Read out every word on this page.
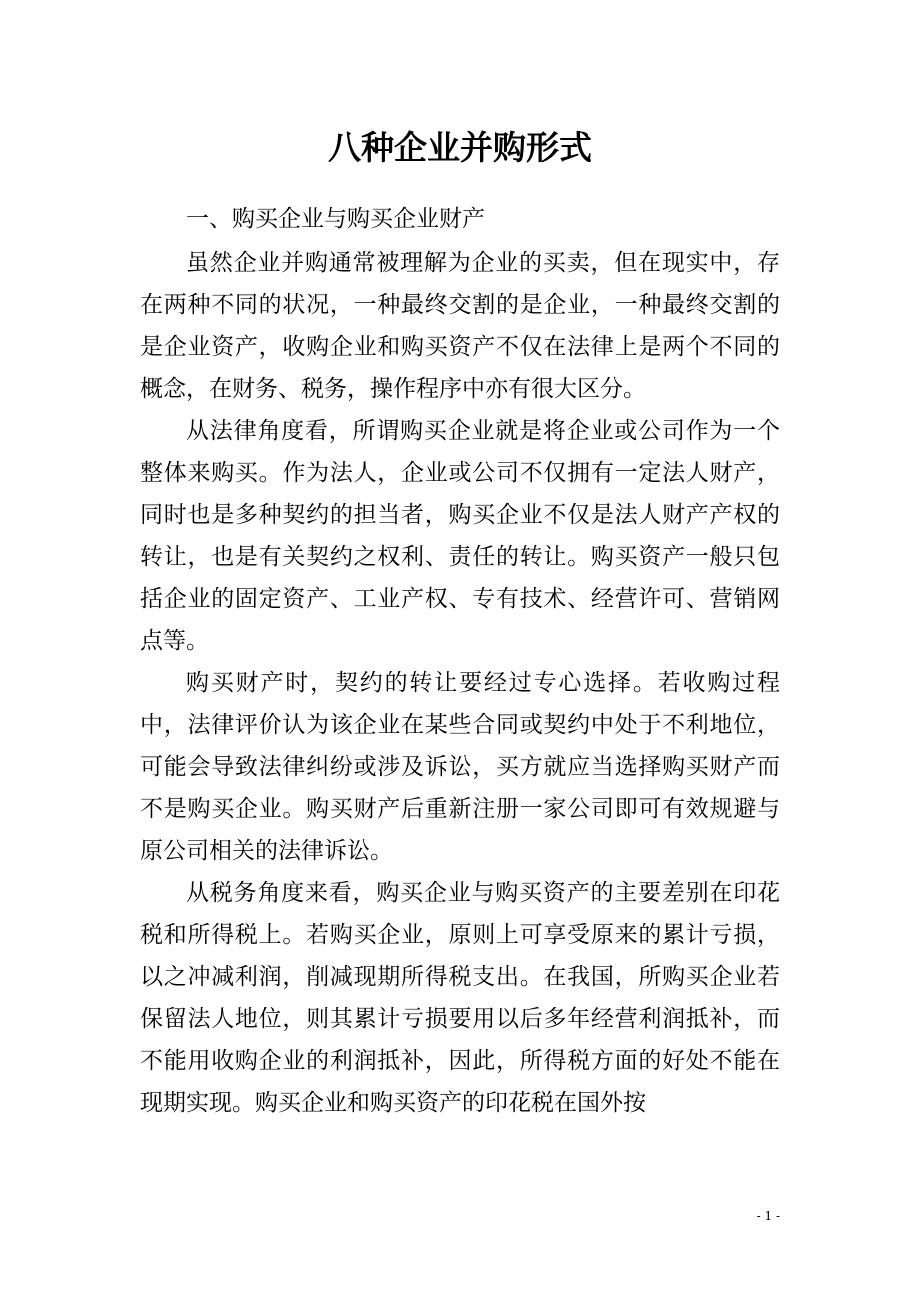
八种企业并购形式

一、购买企业与购买企业财产

虽然企业并购通常被理解为企业的买卖，但在现实中，存在两种不同的状况，一种最终交割的是企业，一种最终交割的是企业资产，收购企业和购买资产不仅在法律上是两个不同的概念，在财务、税务，操作程序中亦有很大区分。

从法律角度看，所谓购买企业就是将企业或公司作为一个整体来购买。作为法人，企业或公司不仅拥有一定法人财产，同时也是多种契约的担当者，购买企业不仅是法人财产产权的转让，也是有关契约之权利、责任的转让。购买资产一般只包括企业的固定资产、工业产权、专有技术、经营许可、营销网点等。

购买财产时，契约的转让要经过专心选择。若收购过程中，法律评价认为该企业在某些合同或契约中处于不利地位，可能会导致法律纠纷或涉及诉讼，买方就应当选择购买财产而不是购买企业。购买财产后重新注册一家公司即可有效规避与原公司相关的法律诉讼。

从税务角度来看，购买企业与购买资产的主要差别在印花税和所得税上。若购买企业，原则上可享受原来的累计亏损，以之冲减利润，削减现期所得税支出。在我国，所购买企业若保留法人地位，则其累计亏损要用以后多年经营利润抵补，而不能用收购企业的利润抵补，因此，所得税方面的好处不能在现期实现。购买企业和购买资产的印花税在国外按

- 1 -
